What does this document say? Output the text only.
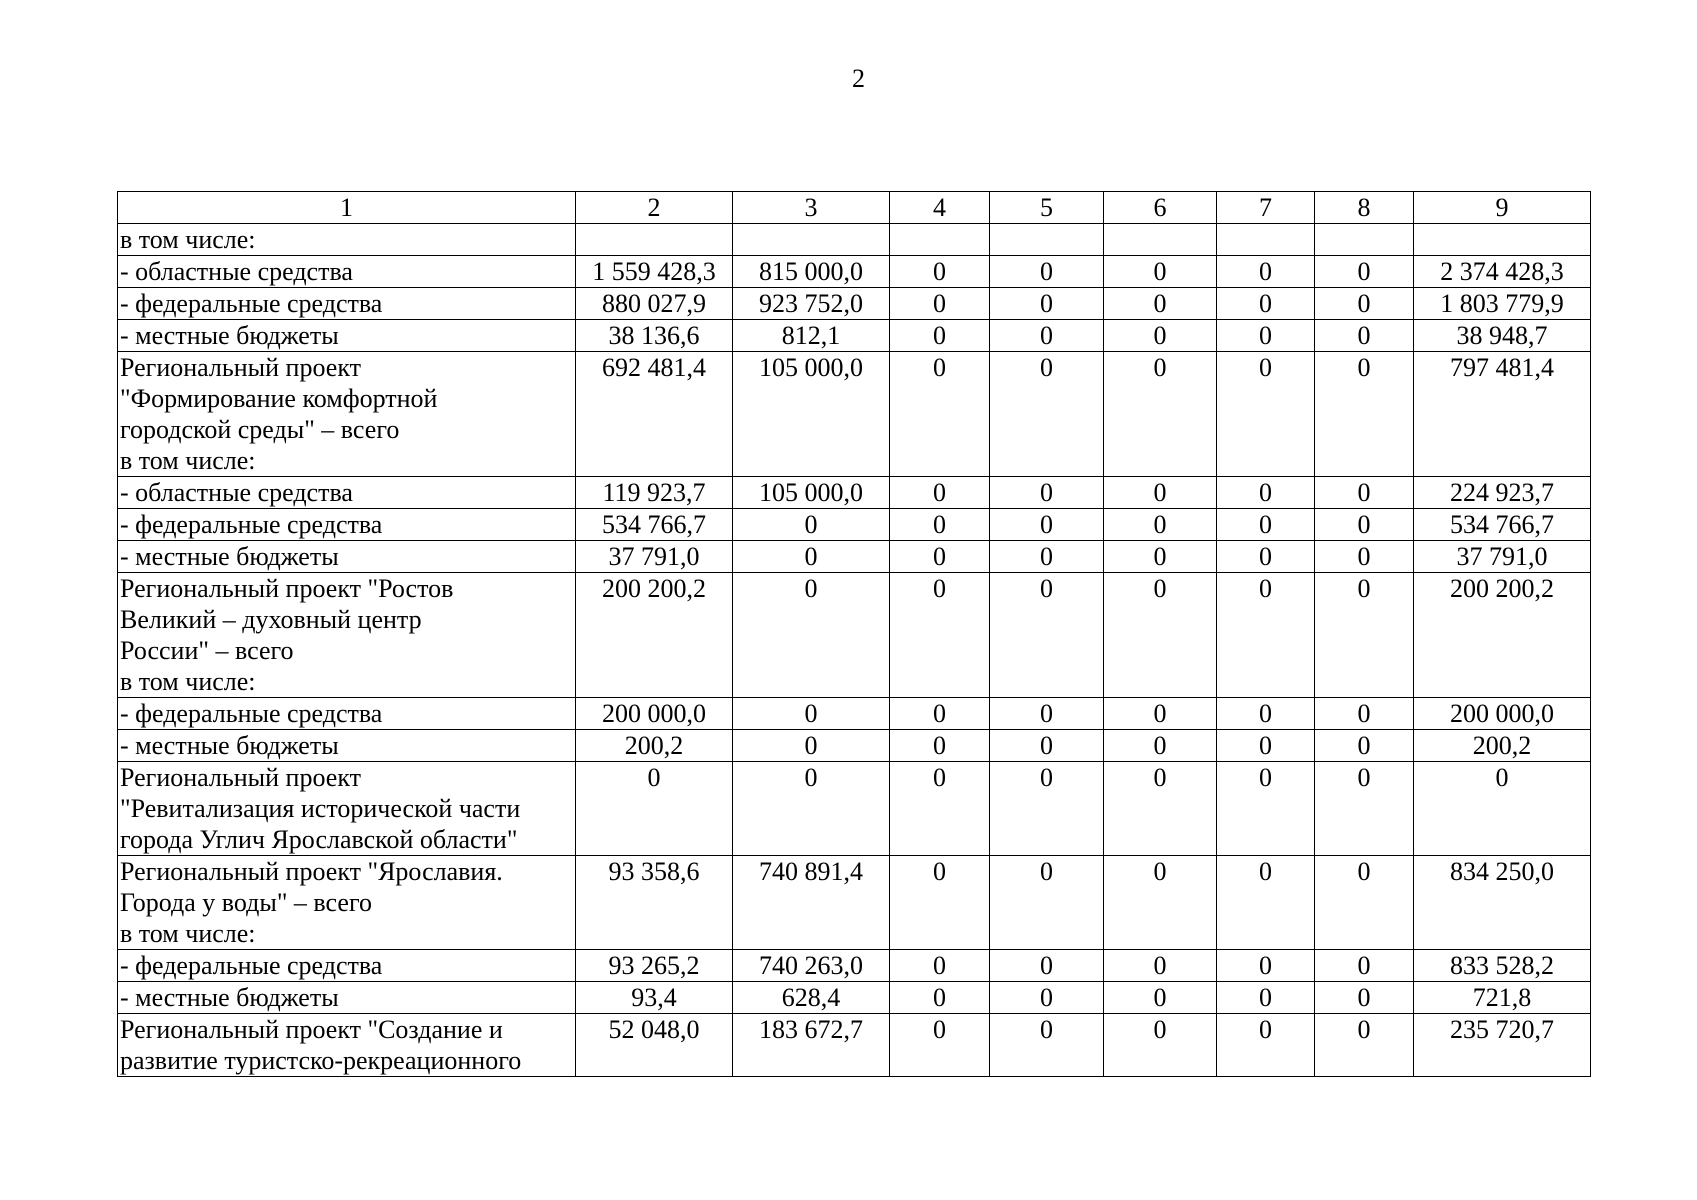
2
1	2	3	4	5	6	7	8	9

в том числе:								

- областные средства	1 559 428,3	815 000,0	0	0	0	0	0	2 374 428,3

- федеральные средства	880 027,9	923 752,0	0	0	0	0	0	1 803 779,9

- местные бюджеты	38 136,6	812,1	0	0	0	0	0	38 948,7

Региональный проект
"Формирование комфортной
городской среды" – всего
в том числе:	692 481,4	105 000,0	0	0	0	0	0	797 481,4

- областные средства	119 923,7	105 000,0	0	0	0	0	0	224 923,7

- федеральные средства	534 766,7	0	0	0	0	0	0	534 766,7

- местные бюджеты	37 791,0	0	0	0	0	0	0	37 791,0

Региональный проект "Ростов
Великий – духовный центр
России" – всего
в том числе:	200 200,2	0	0	0	0	0	0	200 200,2

- федеральные средства	200 000,0	0	0	0	0	0	0	200 000,0

- местные бюджеты	200,2	0	0	0	0	0	0	200,2

Региональный проект
"Ревитализация исторической части
города Углич Ярославской области"	0	0	0	0	0	0	0	0

Региональный проект "Ярославия.
Города у воды" – всего
в том числе:	93 358,6	740 891,4	0	0	0	0	0	834 250,0

- федеральные средства	93 265,2	740 263,0	0	0	0	0	0	833 528,2

- местные бюджеты	93,4	628,4	0	0	0	0	0	721,8

Региональный проект "Создание и
развитие туристско-рекреационного	52 048,0	183 672,7	0	0	0	0	0	235 720,7
